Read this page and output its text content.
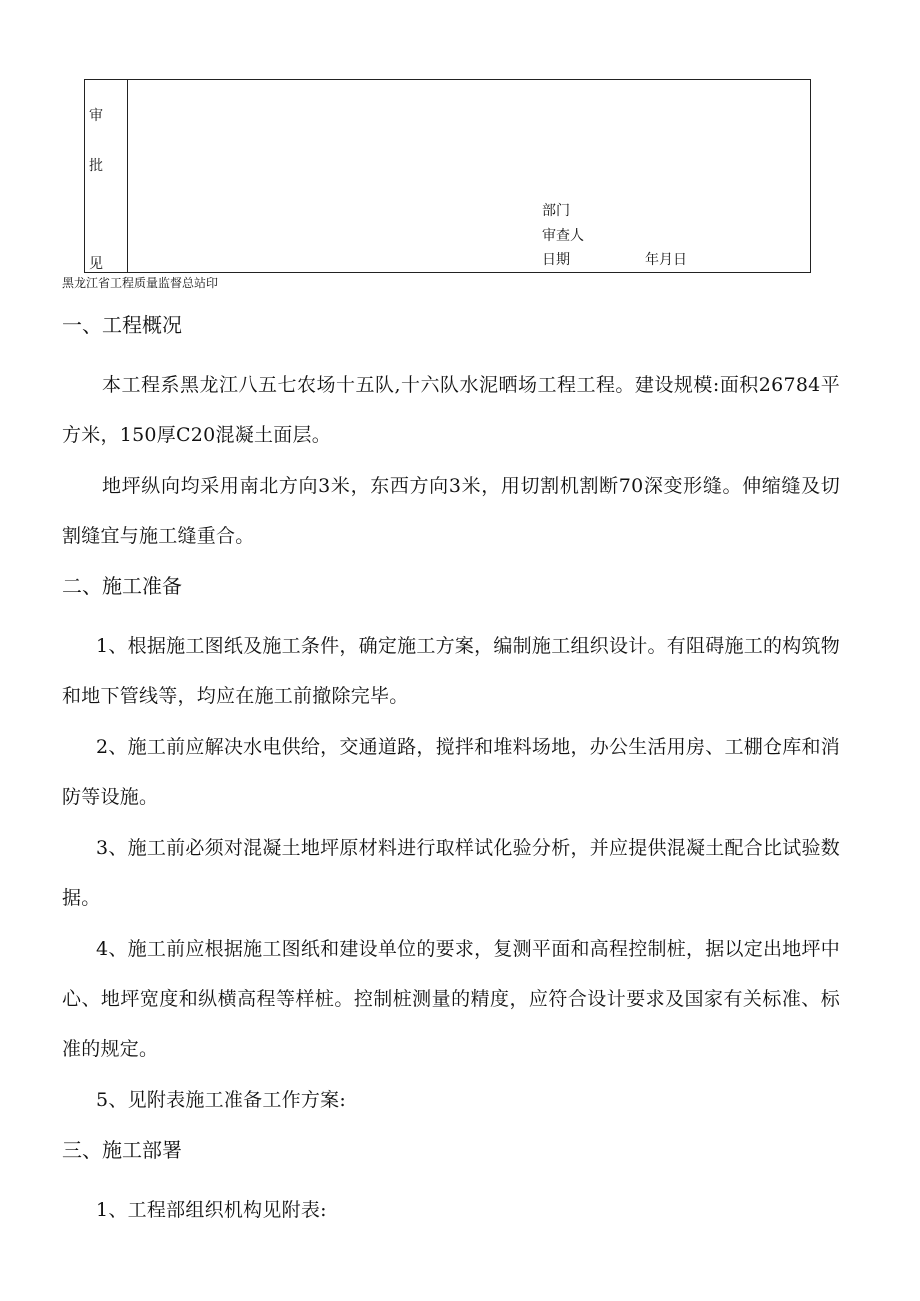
审
批
见
部门
审查人
日期	年月日
黑龙江省工程质量监督总站印
一、工程概况
本工程系黑龙江八五七农场十五队,十六队水泥晒场工程工程。建设规模:面积26784平方米，150厚C20混凝土面层。
地坪纵向均采用南北方向3米，东西方向3米，用切割机割断70深变形缝。伸缩缝及切割缝宜与施工缝重合。
二、施工准备
1、根据施工图纸及施工条件，确定施工方案，编制施工组织设计。有阻碍施工的构筑物和地下管线等，均应在施工前撤除完毕。
2、施工前应解决水电供给，交通道路，搅拌和堆料场地，办公生活用房、工棚仓库和消防等设施。
3、施工前必须对混凝土地坪原材料进行取样试化验分析，并应提供混凝土配合比试验数据。
4、施工前应根据施工图纸和建设单位的要求，复测平面和高程控制桩，据以定出地坪中心、地坪宽度和纵横高程等样桩。控制桩测量的精度，应符合设计要求及国家有关标准、标准的规定。
5、见附表施工准备工作方案:
三、施工部署
1、工程部组织机构见附表:
